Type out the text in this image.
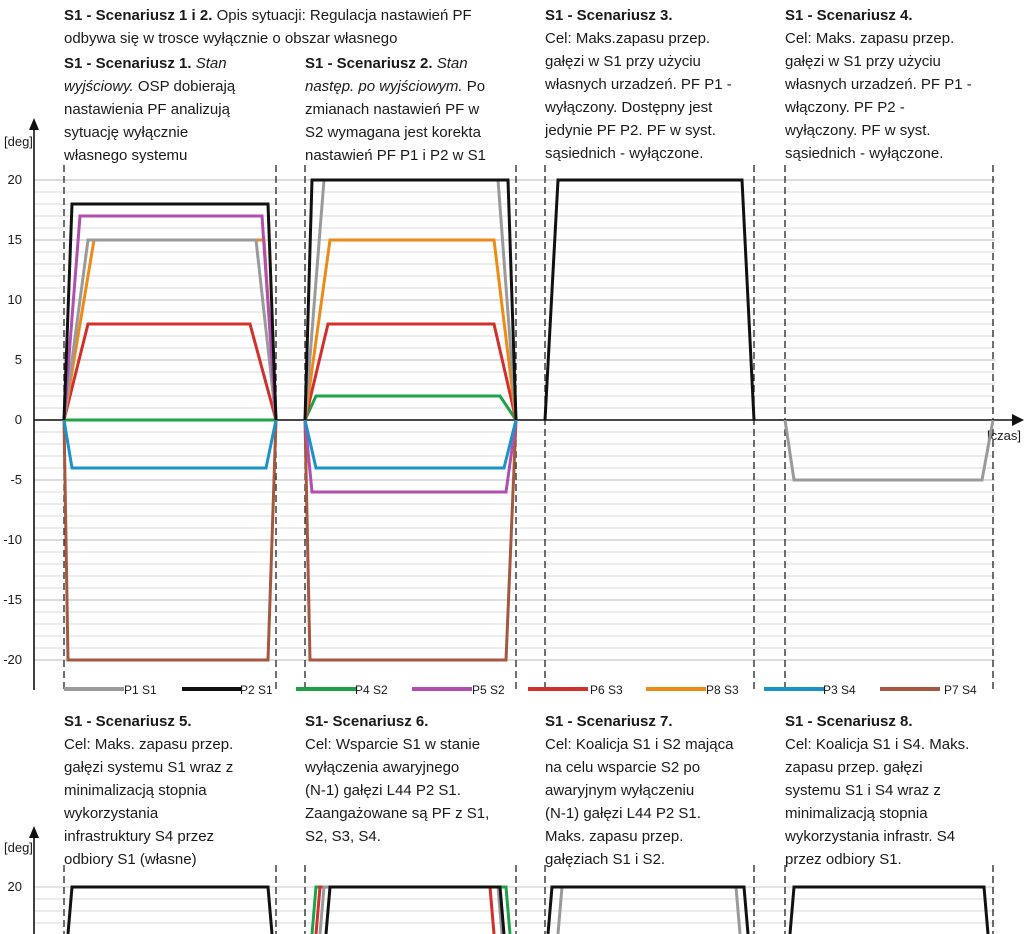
S1 - Scenariusz 1 i 2. Opis sytuacji: Regulacja nastawień PF
odbywa się w trosce wyłącznie o obszar własnego
S1 - Scenariusz 1. Stan
wyjściowy. OSP dobierają
nastawienia PF analizują
sytuację wyłącznie
własnego systemu
S1 - Scenariusz 2. Stan
następ. po wyjściowym. Po
zmianach nastawień PF w
S2 wymagana jest korekta
nastawień PF P1 i P2 w S1
S1 - Scenariusz 3.
Cel: Maks.zapasu przep.
gałęzi w S1 przy użyciu
własnych urzadzeń. PF P1 -
wyłączony. Dostępny jest
jedynie PF P2. PF w syst.
sąsiednich - wyłączone.
S1 - Scenariusz 4.
Cel: Maks. zapasu przep.
gałęzi w S1 przy użyciu
własnych urzadzeń. PF P1 -
włączony. PF P2 -
wyłączony. PF w syst.
sąsiednich - wyłączone.
S1 - Scenariusz 5.
Cel: Maks. zapasu przep.
gałęzi systemu S1 wraz z
minimalizacją stopnia
wykorzystania
infrastruktury S4 przez
odbiory S1 (własne)
S1- Scenariusz 6.
Cel: Wsparcie S1 w stanie
wyłączenia awaryjnego
(N-1) gałęzi L44 P2 S1.
Zaangażowane są PF z S1,
S2, S3, S4.
S1 - Scenariusz 7.
Cel: Koalicja S1 i S2 mająca
na celu wsparcie S2 po
awaryjnym wyłączeniu
(N-1) gałęzi L44 P2 S1.
Maks. zapasu przep.
gałęziach S1 i S2.
S1 - Scenariusz 8.
Cel: Koalicja S1 i S4. Maks.
zapasu przep. gałęzi
systemu S1 i S4 wraz z
minimalizacją stopnia
wykorzystania infrastr. S4
przez odbiory S1.
20
15
10
5
0
-5
-10
-15
-20
[deg]
[czas]
20
[deg]
P1 S1	P2 S1	P4 S2	P5 S2	P6 S3	P8 S3	P3 S4	P7 S4
